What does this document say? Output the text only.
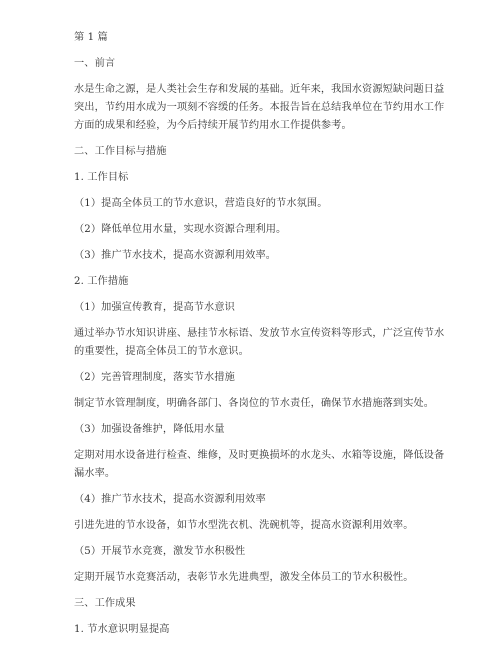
第 1 篇
一、前言
水是生命之源，是人类社会生存和发展的基础。近年来，我国水资源短缺问题日益
突出，节约用水成为一项刻不容缓的任务。本报告旨在总结我单位在节约用水工作
方面的成果和经验，为今后持续开展节约用水工作提供参考。
二、工作目标与措施
1. 工作目标
（1）提高全体员工的节水意识，营造良好的节水氛围。
（2）降低单位用水量，实现水资源合理利用。
（3）推广节水技术，提高水资源利用效率。
2. 工作措施
（1）加强宣传教育，提高节水意识
通过举办节水知识讲座、悬挂节水标语、发放节水宣传资料等形式，广泛宣传节水
的重要性，提高全体员工的节水意识。
（2）完善管理制度，落实节水措施
制定节水管理制度，明确各部门、各岗位的节水责任，确保节水措施落到实处。
（3）加强设备维护，降低用水量
定期对用水设备进行检查、维修，及时更换损坏的水龙头、水箱等设施，降低设备
漏水率。
（4）推广节水技术，提高水资源利用效率
引进先进的节水设备，如节水型洗衣机、洗碗机等，提高水资源利用效率。
（5）开展节水竞赛，激发节水积极性
定期开展节水竞赛活动，表彰节水先进典型，激发全体员工的节水积极性。
三、工作成果
1. 节水意识明显提高
